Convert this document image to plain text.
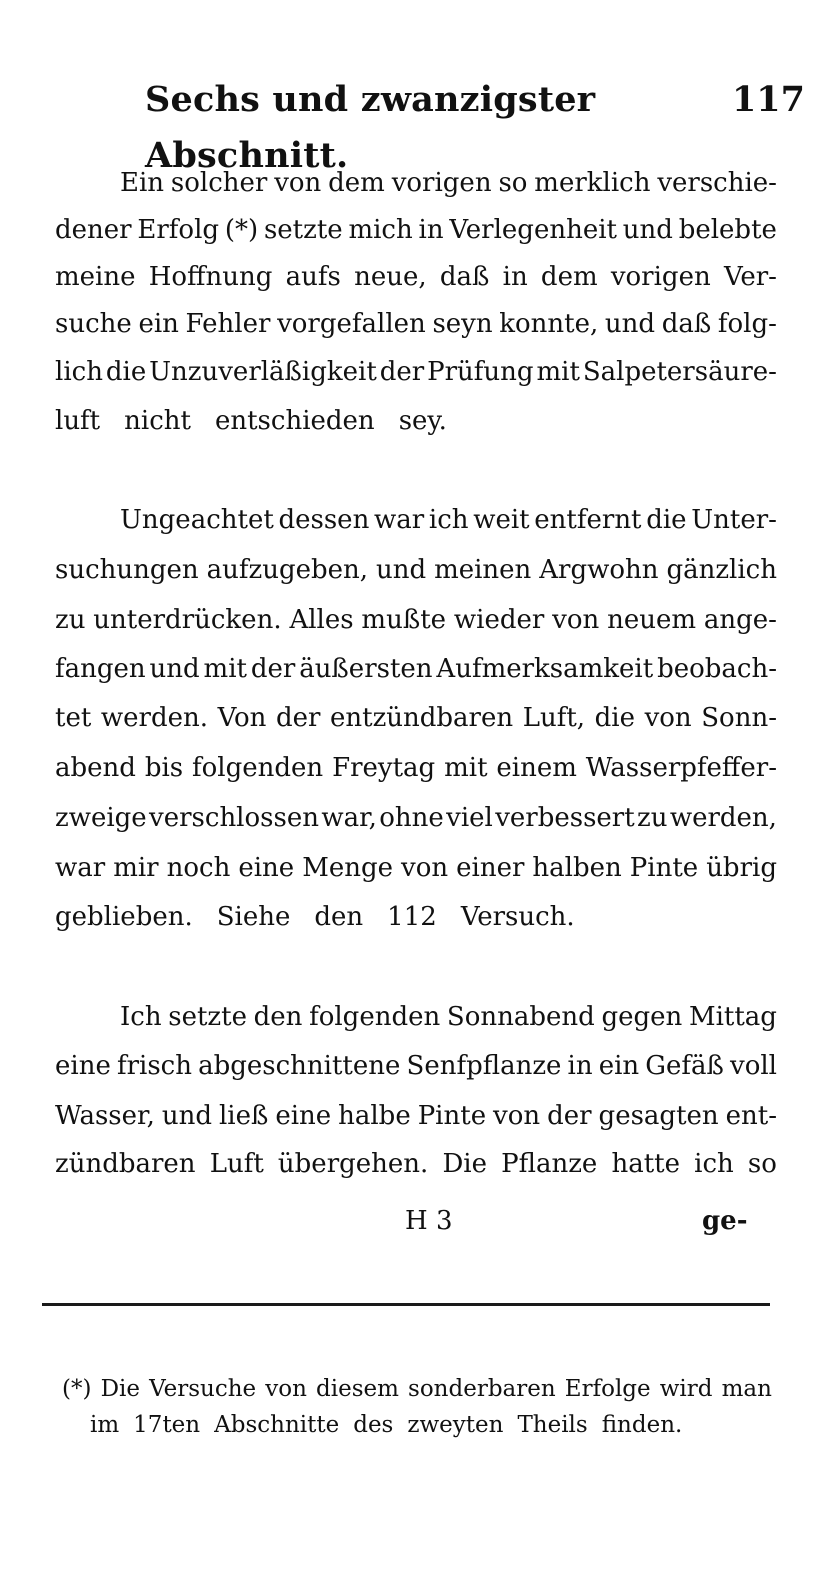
Sechs und zwanzigster Abschnitt.
117
Ein solcher von dem vorigen so merklich verschie-
dener Erfolg (*) setzte mich in Verlegenheit und belebte
meine Hoffnung aufs neue, daß in dem vorigen Ver-
suche ein Fehler vorgefallen seyn konnte, und daß folg-
lich die Unzuverläßigkeit der Prüfung mit Salpetersäure-
luft nicht entschieden sey.
Ungeachtet dessen war ich weit entfernt die Unter-
suchungen aufzugeben, und meinen Argwohn gänzlich
zu unterdrücken. Alles mußte wieder von neuem ange-
fangen und mit der äußersten Aufmerksamkeit beobach-
tet werden. Von der entzündbaren Luft, die von Sonn-
abend bis folgenden Freytag mit einem Wasserpfeffer-
zweige verschlossen war, ohne viel verbessert zu werden,
war mir noch eine Menge von einer halben Pinte übrig
geblieben. Siehe den 112 Versuch.
Ich setzte den folgenden Sonnabend gegen Mittag
eine frisch abgeschnittene Senfpflanze in ein Gefäß voll
Wasser, und ließ eine halbe Pinte von der gesagten ent-
zündbaren Luft übergehen. Die Pflanze hatte ich so
H 3	ge-
(*) Die Versuche von diesem sonderbaren Erfolge wird man
im 17ten Abschnitte des zweyten Theils finden.
